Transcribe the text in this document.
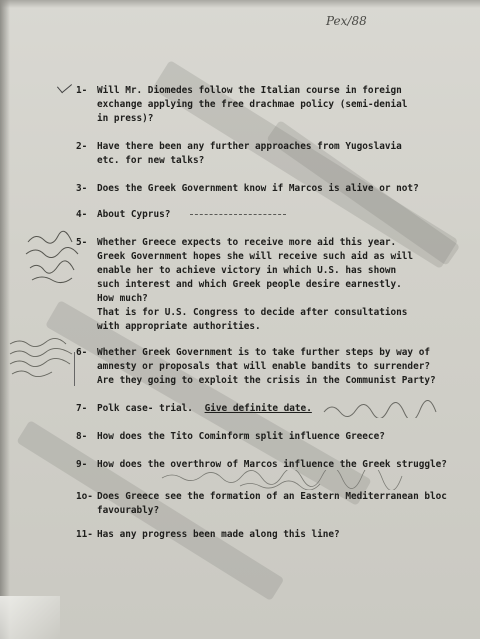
Pex/88
1-	Will Mr. Diomedes follow the Italian course in foreign
exchange applying the free drachmae policy (semi-denial
in press)?
2-	Have there been any further approaches from Yugoslavia
etc. for new talks?
3-	Does the Greek Government know if Marcos is alive or not?
4-	About Cyprus?
5-	Whether Greece expects to receive more aid this year.
Greek Government hopes she will receive such aid as will
enable her to achieve victory in which U.S. has shown
such interest and which Greek people desire earnestly.
How much?
That is for U.S. Congress to decide after consultations
with appropriate authorities.
6-	Whether Greek Government is to take further steps by way of
amnesty or proposals that will enable bandits to surrender?
Are they going to exploit the crisis in the Communist Party?
7-	Polk case- trial. Give definite date.
8-	How does the Tito Cominform split influence Greece?
9-	How does the overthrow of Marcos influence the Greek struggle?
1o- Does Greece see the formation of an Eastern Mediterranean bloc
favourably?
11- Has any progress been made along this line?
